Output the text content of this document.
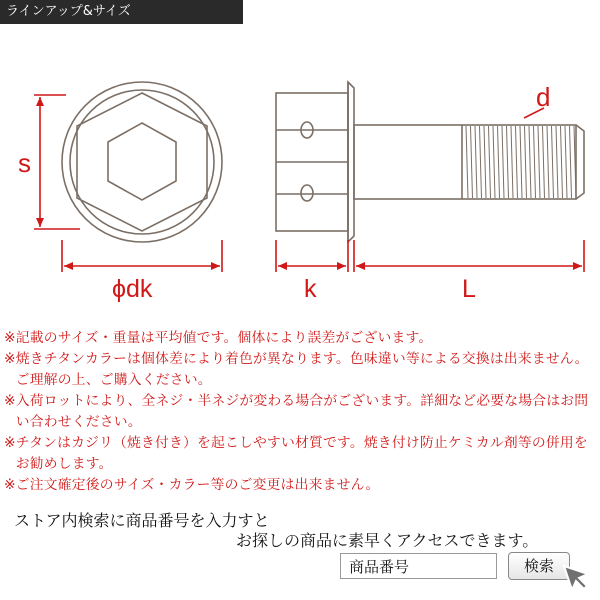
ラインアップ&サイズ
s
ϕdk	k	L
d
※ 記載のサイズ・重量は平均値です。個体により誤差がございます。
※ 焼きチタンカラーは個体差により着色が異なります。色味違い等による交換は出来ません。ご理解の上、ご購入ください。
※ 入荷ロットにより、全ネジ・半ネジが変わる場合がございます。詳細など必要な場合はお問い合わせください。
※ チタンはカジリ（焼き付き）を起こしやすい材質です。焼き付け防止ケミカル剤等の併用をお勧めします。
※ ご注文確定後のサイズ・カラー等のご変更は出来ません。
ストア内検索に商品番号を入力すと
お探しの商品に素早くアクセスできます。
商品番号
検索
